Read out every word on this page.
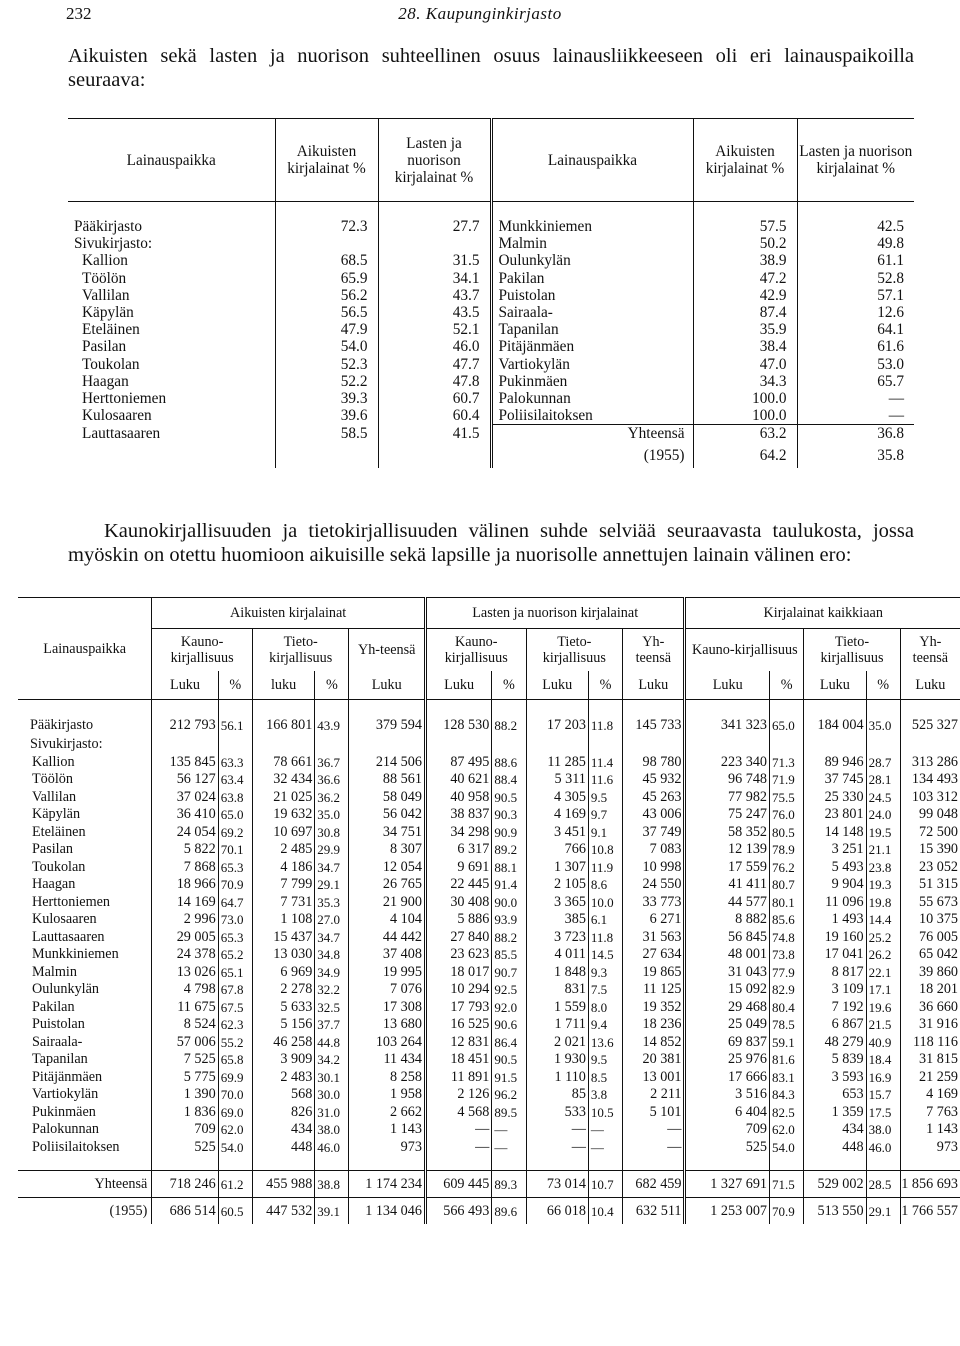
232	28. Kaupunginkirjasto
Aikuisten sekä lasten ja nuorison suhteellinen osuus lainausliikkeeseen oli eri lainauspaikoilla seuraava:
Lainauspaikka	Aikuisten kirjalainat %	Lasten ja nuorison kirjalainat %	Lainauspaikka	Aikuisten kirjalainat %	Lasten ja nuorison kirjalainat %

Pääkirjasto	72.3	27.7	Munkkiniemen	57.5	42.5
Sivukirjasto:			Malmin	50.2	49.8
Kallion	68.5	31.5	Oulunkylän	38.9	61.1
Töölön	65.9	34.1	Pakilan	47.2	52.8
Vallilan	56.2	43.7	Puistolan	42.9	57.1
Käpylän	56.5	43.5	Sairaala-	87.4	12.6
Eteläinen	47.9	52.1	Tapanilan	35.9	64.1
Pasilan	54.0	46.0	Pitäjänmäen	38.4	61.6
Toukolan	52.3	47.7	Vartiokylän	47.0	53.0
Haagan	52.2	47.8	Pukinmäen	34.3	65.7
Herttoniemen	39.3	60.7	Palokunnan	100.0	—
Kulosaaren	39.6	60.4	Poliisilaitoksen	100.0	—
Lauttasaaren	58.5	41.5	Yhteensä	63.2	36.8
			(1955)	64.2	35.8
Kaunokirjallisuuden ja tietokirjallisuuden välinen suhde selviää seuraavasta taulukosta, jossa myöskin on otettu huomioon aikuisille sekä lapsille ja nuorisolle annettujen lainain välinen ero:
Lainauspaikka	Aikuisten kirjalainat					Lasten ja nuorison kirjalainat					Kirjalainat kaikkiaan				
	Kauno-kirjallisuus		Tieto-kirjallisuus		Yh-teensä	Kauno-kirjallisuus		Tieto-kirjallisuus		Yh-teensä	Kauno-kirjallisuus		Tieto-kirjallisuus		Yh-teensä
	Luku	%	luku	%	Luku	Luku	%	Luku	%	Luku	Luku	%	Luku	%	Luku

Pääkirjasto	212 793	56.1	166 801	43.9	379 594	128 530	88.2	17 203	11.8	145 733	341 323	65.0	184 004	35.0	525 327
Sivukirjasto:															
Kallion	135 845	63.3	78 661	36.7	214 506	87 495	88.6	11 285	11.4	98 780	223 340	71.3	89 946	28.7	313 286
Töölön	56 127	63.4	32 434	36.6	88 561	40 621	88.4	5 311	11.6	45 932	96 748	71.9	37 745	28.1	134 493
Vallilan	37 024	63.8	21 025	36.2	58 049	40 958	90.5	4 305	9.5	45 263	77 982	75.5	25 330	24.5	103 312
Käpylän	36 410	65.0	19 632	35.0	56 042	38 837	90.3	4 169	9.7	43 006	75 247	76.0	23 801	24.0	99 048
Eteläinen	24 054	69.2	10 697	30.8	34 751	34 298	90.9	3 451	9.1	37 749	58 352	80.5	14 148	19.5	72 500
Pasilan	5 822	70.1	2 485	29.9	8 307	6 317	89.2	766	10.8	7 083	12 139	78.9	3 251	21.1	15 390
Toukolan	7 868	65.3	4 186	34.7	12 054	9 691	88.1	1 307	11.9	10 998	17 559	76.2	5 493	23.8	23 052
Haagan	18 966	70.9	7 799	29.1	26 765	22 445	91.4	2 105	8.6	24 550	41 411	80.7	9 904	19.3	51 315
Herttoniemen	14 169	64.7	7 731	35.3	21 900	30 408	90.0	3 365	10.0	33 773	44 577	80.1	11 096	19.8	55 673
Kulosaaren	2 996	73.0	1 108	27.0	4 104	5 886	93.9	385	6.1	6 271	8 882	85.6	1 493	14.4	10 375
Lauttasaaren	29 005	65.3	15 437	34.7	44 442	27 840	88.2	3 723	11.8	31 563	56 845	74.8	19 160	25.2	76 005
Munkkiniemen	24 378	65.2	13 030	34.8	37 408	23 623	85.5	4 011	14.5	27 634	48 001	73.8	17 041	26.2	65 042
Malmin	13 026	65.1	6 969	34.9	19 995	18 017	90.7	1 848	9.3	19 865	31 043	77.9	8 817	22.1	39 860
Oulunkylän	4 798	67.8	2 278	32.2	7 076	10 294	92.5	831	7.5	11 125	15 092	82.9	3 109	17.1	18 201
Pakilan	11 675	67.5	5 633	32.5	17 308	17 793	92.0	1 559	8.0	19 352	29 468	80.4	7 192	19.6	36 660
Puistolan	8 524	62.3	5 156	37.7	13 680	16 525	90.6	1 711	9.4	18 236	25 049	78.5	6 867	21.5	31 916
Sairaala-	57 006	55.2	46 258	44.8	103 264	12 831	86.4	2 021	13.6	14 852	69 837	59.1	48 279	40.9	118 116
Tapanilan	7 525	65.8	3 909	34.2	11 434	18 451	90.5	1 930	9.5	20 381	25 976	81.6	5 839	18.4	31 815
Pitäjänmäen	5 775	69.9	2 483	30.1	8 258	11 891	91.5	1 110	8.5	13 001	17 666	83.1	3 593	16.9	21 259
Vartiokylän	1 390	70.0	568	30.0	1 958	2 126	96.2	85	3.8	2 211	3 516	84.3	653	15.7	4 169
Pukinmäen	1 836	69.0	826	31.0	2 662	4 568	89.5	533	10.5	5 101	6 404	82.5	1 359	17.5	7 763
Palokunnan	709	62.0	434	38.0	1 143	—	—	—	—	—	709	62.0	434	38.0	1 143
Poliisilaitoksen	525	54.0	448	46.0	973	—	—	—	—	—	525	54.0	448	46.0	973

Yhteensä	718 246	61.2	455 988	38.8	1 174 234	609 445	89.3	73 014	10.7	682 459	1 327 691	71.5	529 002	28.5	1 856 693
(1955)	686 514	60.5	447 532	39.1	1 134 046	566 493	89.6	66 018	10.4	632 511	1 253 007	70.9	513 550	29.1	1 766 557
